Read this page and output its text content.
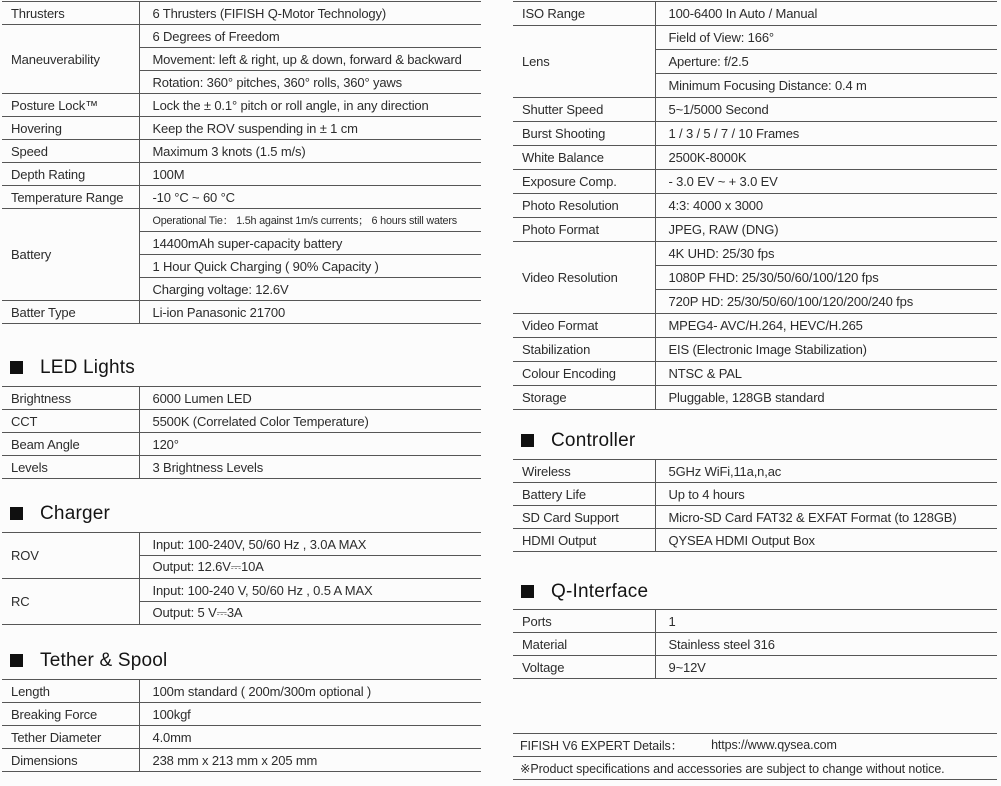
Thrusters	6 Thrusters (FIFISH Q-Motor Technology)
Maneuverability	6 Degrees of Freedom
	Movement: left & right, up & down, forward & backward
	Rotation: 360° pitches, 360° rolls, 360° yaws
Posture Lock™	Lock the ± 0.1° pitch or roll angle, in any direction
Hovering	Keep the ROV suspending in ± 1 cm
Speed	Maximum 3 knots (1.5 m/s)
Depth Rating	100M
Temperature Range	-10 °C ~ 60 °C
Battery	Operational Tie： 1.5h against 1m/s currents； 6 hours still waters
	14400mAh super-capacity battery
	1 Hour Quick Charging ( 90% Capacity )
	Charging voltage: 12.6V
Batter Type	Li-ion Panasonic 21700
LED Lights
Brightness	6000 Lumen LED
CCT	5500K (Correlated Color Temperature)
Beam Angle	120°
Levels	3 Brightness Levels
Charger
ROV	Input: 100-240V, 50/60 Hz , 3.0A MAX
	Output: 12.6V⎓10A
RC	Input: 100-240 V, 50/60 Hz , 0.5 A MAX
	Output: 5 V⎓3A
Tether & Spool
Length	100m standard ( 200m/300m optional )
Breaking Force	100kgf
Tether Diameter	4.0mm
Dimensions	238 mm x 213 mm x 205 mm
ISO Range	100-6400 In Auto / Manual
Lens	Field of View: 166°
	Aperture: f/2.5
	Minimum Focusing Distance: 0.4 m
Shutter Speed	5~1/5000 Second
Burst Shooting	1 / 3 / 5 / 7 / 10 Frames
White Balance	2500K-8000K
Exposure Comp.	- 3.0 EV ~ + 3.0 EV
Photo Resolution	4:3: 4000 x 3000
Photo Format	JPEG, RAW (DNG)
Video Resolution	4K UHD: 25/30 fps
	1080P FHD: 25/30/50/60/100/120 fps
	720P HD: 25/30/50/60/100/120/200/240 fps
Video Format	MPEG4- AVC/H.264, HEVC/H.265
Stabilization	EIS (Electronic Image Stabilization)
Colour Encoding	NTSC & PAL
Storage	Pluggable, 128GB standard
Controller
Wireless	5GHz WiFi,11a,n,ac
Battery Life	Up to 4 hours
SD Card Support	Micro-SD Card FAT32 & EXFAT Format (to 128GB)
HDMI Output	QYSEA HDMI Output Box
Q-Interface
Ports	1
Material	Stainless steel 316
Voltage	9~12V
FIFISH V6 EXPERT Details： https://www.qysea.com
※Product specifications and accessories are subject to change without notice.
